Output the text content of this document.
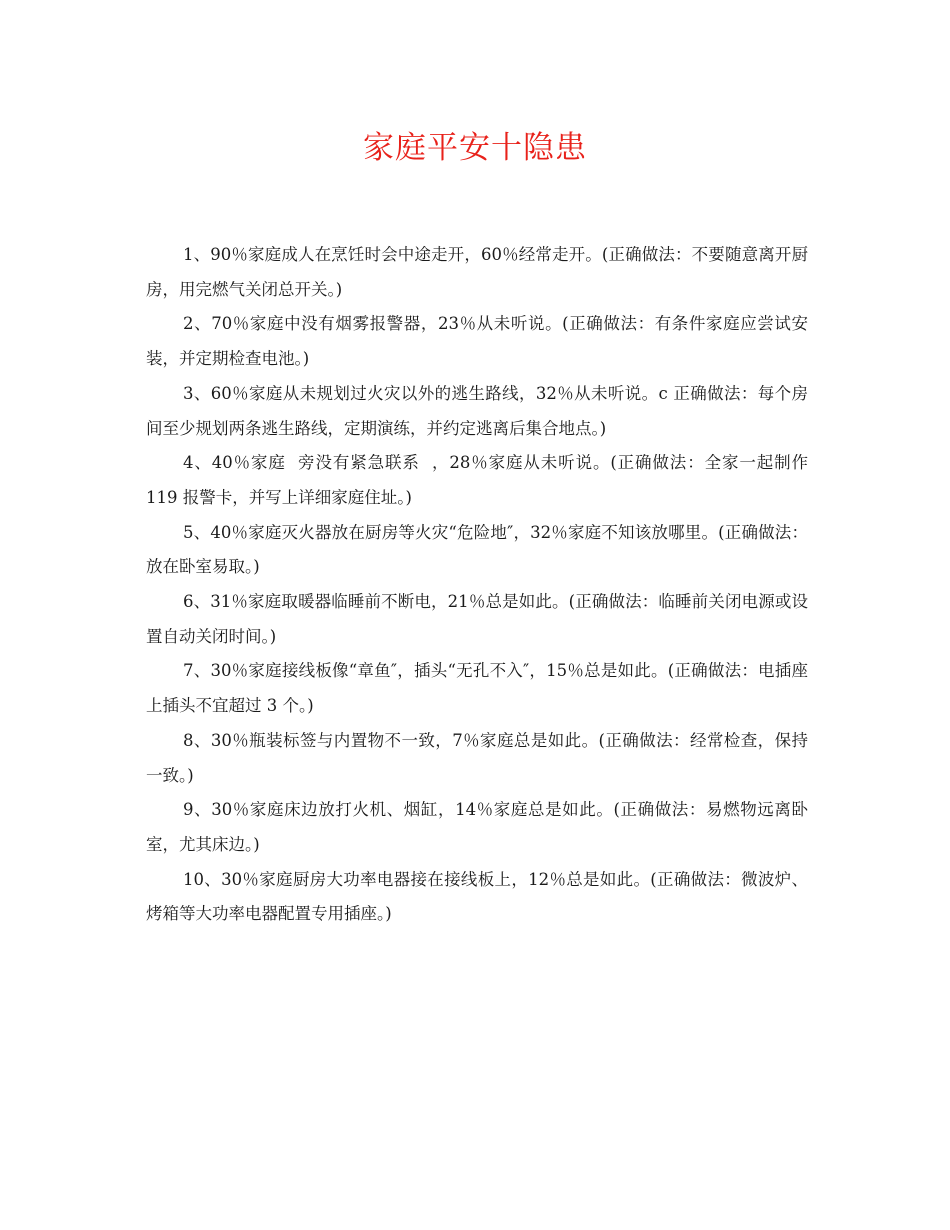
家庭平安十隐患

1、90％家庭成人在烹饪时会中途走开，60％经常走开。(正确做法：不要随意离开厨房，用完燃气关闭总开关。)

2、70％家庭中没有烟雾报警器，23％从未听说。(正确做法：有条件家庭应尝试安装，并定期检查电池。)

3、60％家庭从未规划过火灾以外的逃生路线，32％从未听说。c 正确做法：每个房间至少规划两条逃生路线，定期演练，并约定逃离后集合地点。)

4、40％家庭  旁没有紧急联系  ，28％家庭从未听说。(正确做法：全家一起制作 119 报警卡，并写上详细家庭住址。)

5、40％家庭灭火器放在厨房等火灾“危险地″，32％家庭不知该放哪里。(正确做法：放在卧室易取。)

6、31％家庭取暖器临睡前不断电，21％总是如此。(正确做法：临睡前关闭电源或设置自动关闭时间。)

7、30％家庭接线板像“章鱼″，插头“无孔不入″，15％总是如此。(正确做法：电插座上插头不宜超过 3 个。)

8、30％瓶装标签与内置物不一致，7％家庭总是如此。(正确做法：经常检查，保持一致。)

9、30％家庭床边放打火机、烟缸，14％家庭总是如此。(正确做法：易燃物远离卧室，尤其床边。)

10、30％家庭厨房大功率电器接在接线板上，12％总是如此。(正确做法：微波炉、烤箱等大功率电器配置专用插座。)
